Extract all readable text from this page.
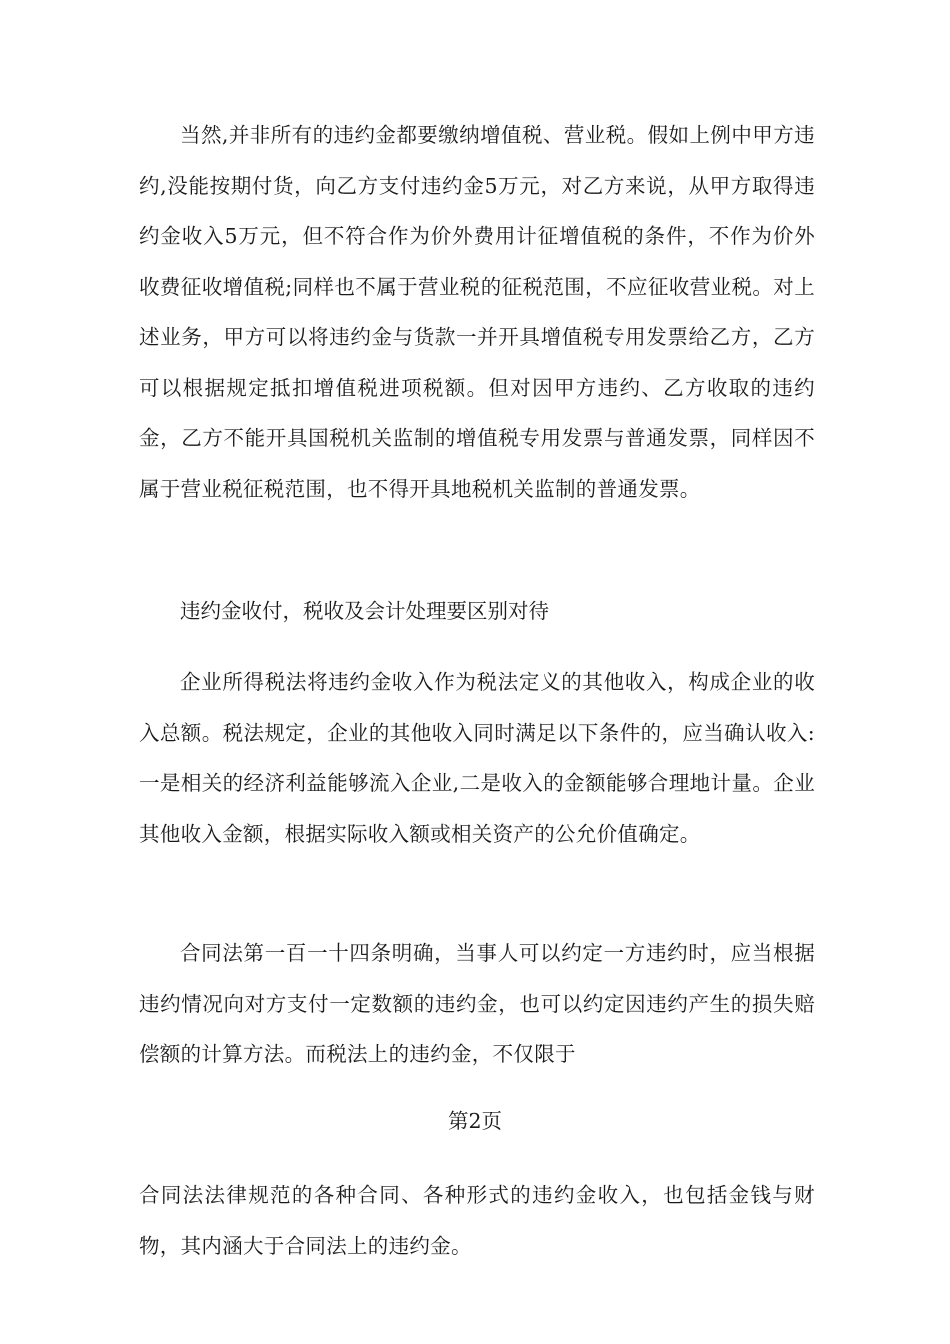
当然,并非所有的违约金都要缴纳增值税、营业税。假如上例中甲方违约,没能按期付货，向乙方支付违约金5万元，对乙方来说，从甲方取得违约金收入5万元，但不符合作为价外费用计征增值税的条件，不作为价外收费征收增值税;同样也不属于营业税的征税范围，不应征收营业税。对上述业务，甲方可以将违约金与货款一并开具增值税专用发票给乙方，乙方可以根据规定抵扣增值税进项税额。但对因甲方违约、乙方收取的违约金，乙方不能开具国税机关监制的增值税专用发票与普通发票，同样因不属于营业税征税范围，也不得开具地税机关监制的普通发票。

违约金收付，税收及会计处理要区别对待

企业所得税法将违约金收入作为税法定义的其他收入，构成企业的收入总额。税法规定，企业的其他收入同时满足以下条件的，应当确认收入:一是相关的经济利益能够流入企业,二是收入的金额能够合理地计量。企业其他收入金额，根据实际收入额或相关资产的公允价值确定。

合同法第一百一十四条明确，当事人可以约定一方违约时，应当根据违约情况向对方支付一定数额的违约金，也可以约定因违约产生的损失赔偿额的计算方法。而税法上的违约金，不仅限于

第2页

合同法法律规范的各种合同、各种形式的违约金收入，也包括金钱与财物，其内涵大于合同法上的违约金。
